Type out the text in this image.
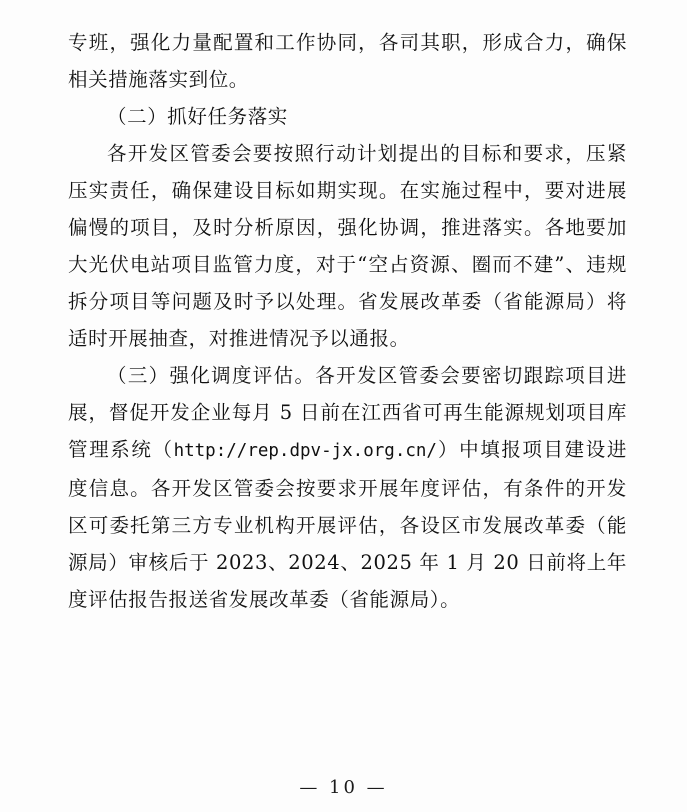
专班，强化力量配置和工作协同，各司其职，形成合力，确保相关措施落实到位。

（二）抓好任务落实

各开发区管委会要按照行动计划提出的目标和要求，压紧压实责任，确保建设目标如期实现。在实施过程中，要对进展偏慢的项目，及时分析原因，强化协调，推进落实。各地要加大光伏电站项目监管力度，对于“空占资源、圈而不建”、违规拆分项目等问题及时予以处理。省发展改革委（省能源局）将适时开展抽查，对推进情况予以通报。

（三）强化调度评估。各开发区管委会要密切跟踪项目进展，督促开发企业每月 5 日前在江西省可再生能源规划项目库管理系统（http://rep.dpv-jx.org.cn/）中填报项目建设进度信息。各开发区管委会按要求开展年度评估，有条件的开发区可委托第三方专业机构开展评估，各设区市发展改革委（能源局）审核后于 2023、2024、2025 年 1 月 20 日前将上年度评估报告报送省发展改革委（省能源局）。

— 10 —
